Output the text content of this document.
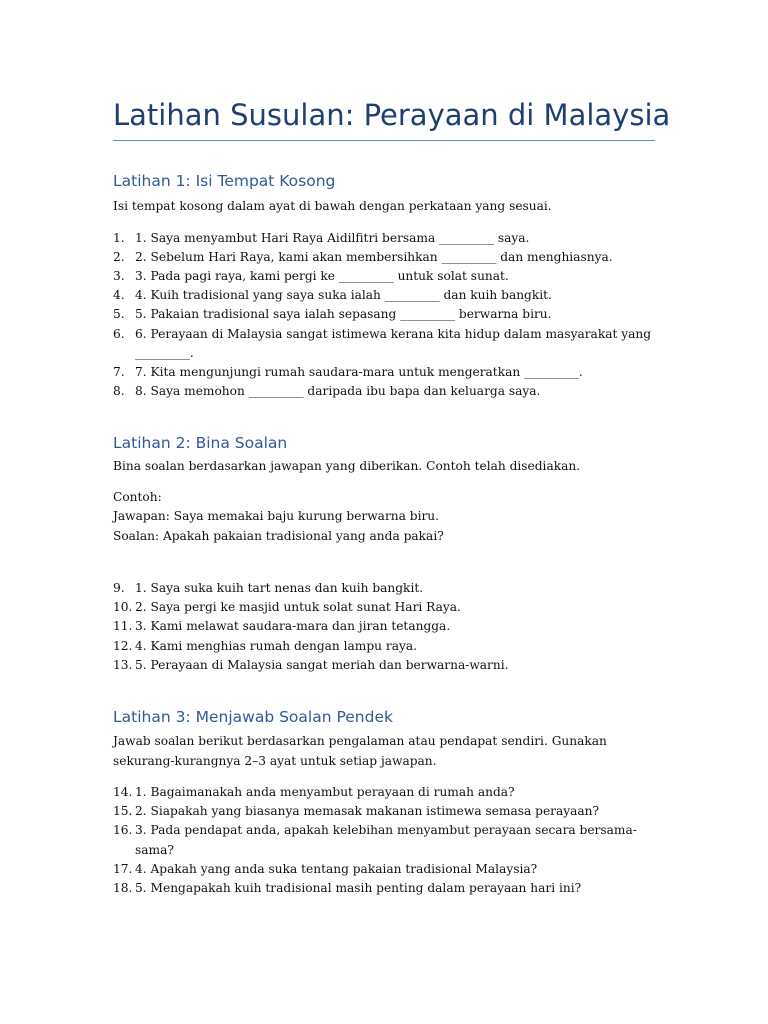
Latihan Susulan: Perayaan di Malaysia
Latihan 1: Isi Tempat Kosong

Isi tempat kosong dalam ayat di bawah dengan perkataan yang sesuai.

1. 1. Saya menyambut Hari Raya Aidilfitri bersama _________ saya.
2. 2. Sebelum Hari Raya, kami akan membersihkan _________ dan menghiasnya.
3. 3. Pada pagi raya, kami pergi ke _________ untuk solat sunat.
4. 4. Kuih tradisional yang saya suka ialah _________ dan kuih bangkit.
5. 5. Pakaian tradisional saya ialah sepasang _________ berwarna biru.
6. 6. Perayaan di Malaysia sangat istimewa kerana kita hidup dalam masyarakat yang _________.
7. 7. Kita mengunjungi rumah saudara-mara untuk mengeratkan _________.
8. 8. Saya memohon _________ daripada ibu bapa dan keluarga saya.
Latihan 2: Bina Soalan

Bina soalan berdasarkan jawapan yang diberikan. Contoh telah disediakan.

Contoh:

Jawapan: Saya memakai baju kurung berwarna biru.

Soalan: Apakah pakaian tradisional yang anda pakai?

9. 1. Saya suka kuih tart nenas dan kuih bangkit.
10. 2. Saya pergi ke masjid untuk solat sunat Hari Raya.
11. 3. Kami melawat saudara-mara dan jiran tetangga.
12. 4. Kami menghias rumah dengan lampu raya.
13. 5. Perayaan di Malaysia sangat meriah dan berwarna-warni.
Latihan 3: Menjawab Soalan Pendek

Jawab soalan berikut berdasarkan pengalaman atau pendapat sendiri. Gunakan sekurang-kurangnya 2–3 ayat untuk setiap jawapan.

14. 1. Bagaimanakah anda menyambut perayaan di rumah anda?
15. 2. Siapakah yang biasanya memasak makanan istimewa semasa perayaan?
16. 3. Pada pendapat anda, apakah kelebihan menyambut perayaan secara bersama-sama?
17. 4. Apakah yang anda suka tentang pakaian tradisional Malaysia?
18. 5. Mengapakah kuih tradisional masih penting dalam perayaan hari ini?
